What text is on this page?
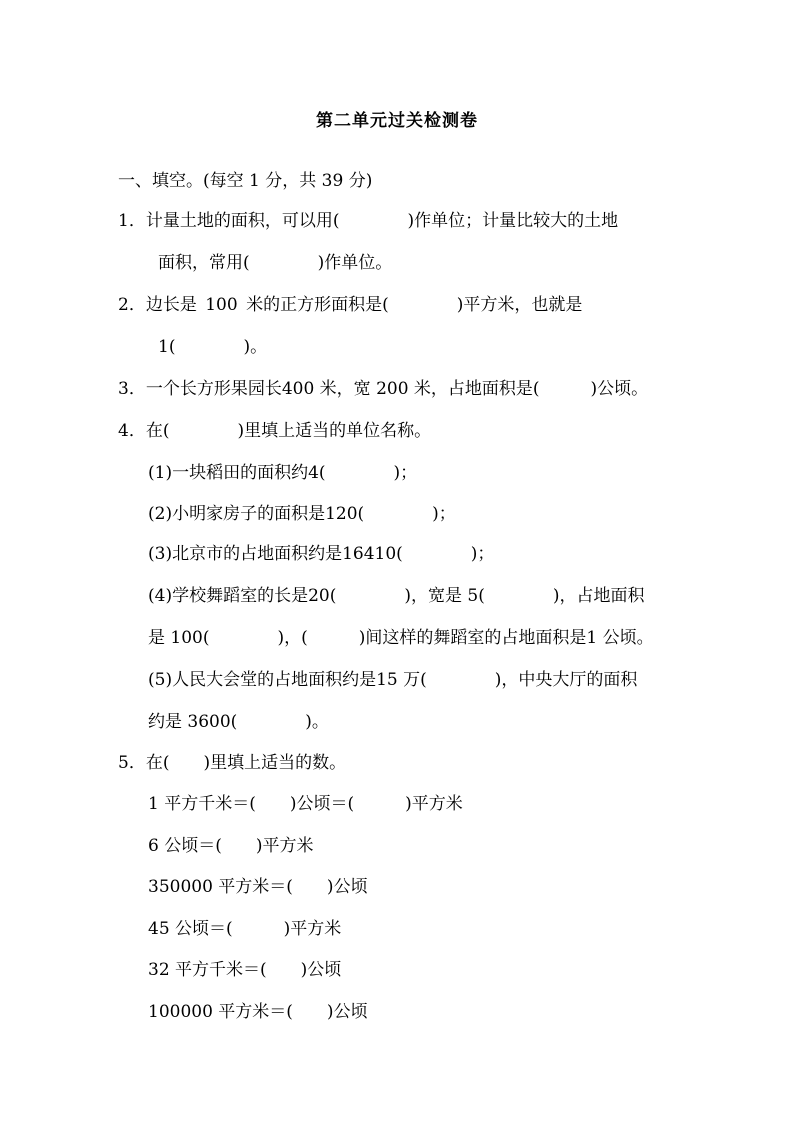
第二单元过关检测卷
一、填空。(每空 1 分，共 39 分)
1．计量土地的面积，可以用(　　　　)作单位；计量比较大的土地
面积，常用(　　　　)作单位。
2．边长是 100 米的正方形面积是(　　　　)平方米，也就是
1(　　　　)。
3．一个长方形果园长400 米，宽 200 米，占地面积是(　　　)公顷。
4．在(　　　　)里填上适当的单位名称。
(1)一块稻田的面积约4(　　　　)；
(2)小明家房子的面积是120(　　　　)；
(3)北京市的占地面积约是16410(　　　　)；
(4)学校舞蹈室的长是20(　　　　)，宽是 5(　　　　)，占地面积
是 100(　　　　)，(　　　)间这样的舞蹈室的占地面积是1 公顷。
(5)人民大会堂的占地面积约是15 万(　　　　)，中央大厅的面积
约是 3600(　　　　)。
5．在(　　)里填上适当的数。
1 平方千米＝(　　)公顷＝(　　　)平方米
6 公顷＝(　　)平方米
350000 平方米＝(　　)公顷
45 公顷＝(　　　)平方米
32 平方千米＝(　　)公顷
100000 平方米＝(　　)公顷
